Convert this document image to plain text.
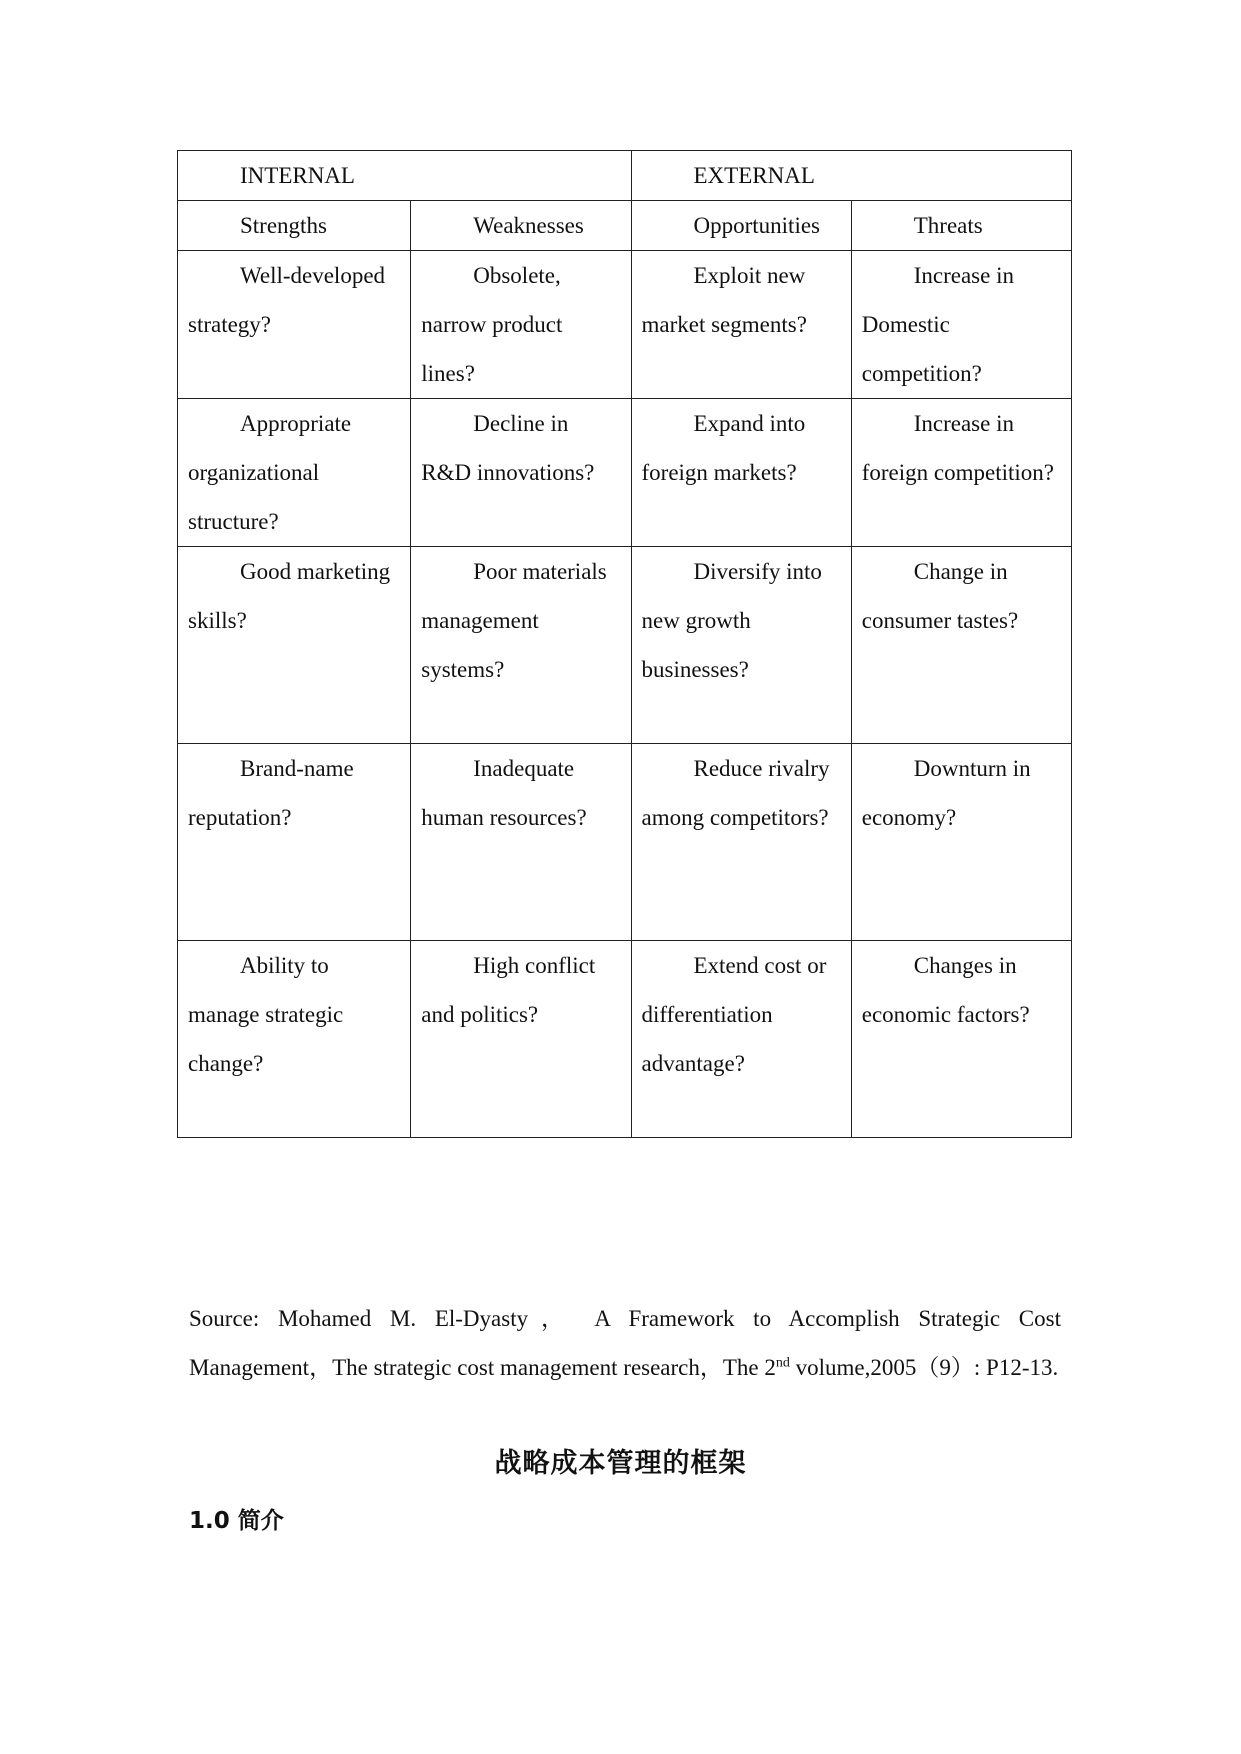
INTERNAL		EXTERNAL	
Strengths	Weaknesses	Opportunities	Threats
Well-developed strategy?	Obsolete, narrow product lines?	Exploit new market segments?	Increase in Domestic competition?
Appropriate organizational structure?	Decline in R&D innovations?	Expand into foreign markets?	Increase in foreign competition?
Good marketing skills?	Poor materials management systems?	Diversify into new growth businesses?	Change in consumer tastes?
Brand-name reputation?	Inadequate human resources?	Reduce rivalry among competitors?	Downturn in economy?
Ability to manage strategic change?	High conflict and politics?	Extend cost or differentiation advantage?	Changes in economic factors?
Source: Mohamed M. El-Dyasty， A Framework to Accomplish Strategic Cost Management，The strategic cost management research，The 2nd volume,2005（9）: P12-13.
战略成本管理的框架
1.0 简介
